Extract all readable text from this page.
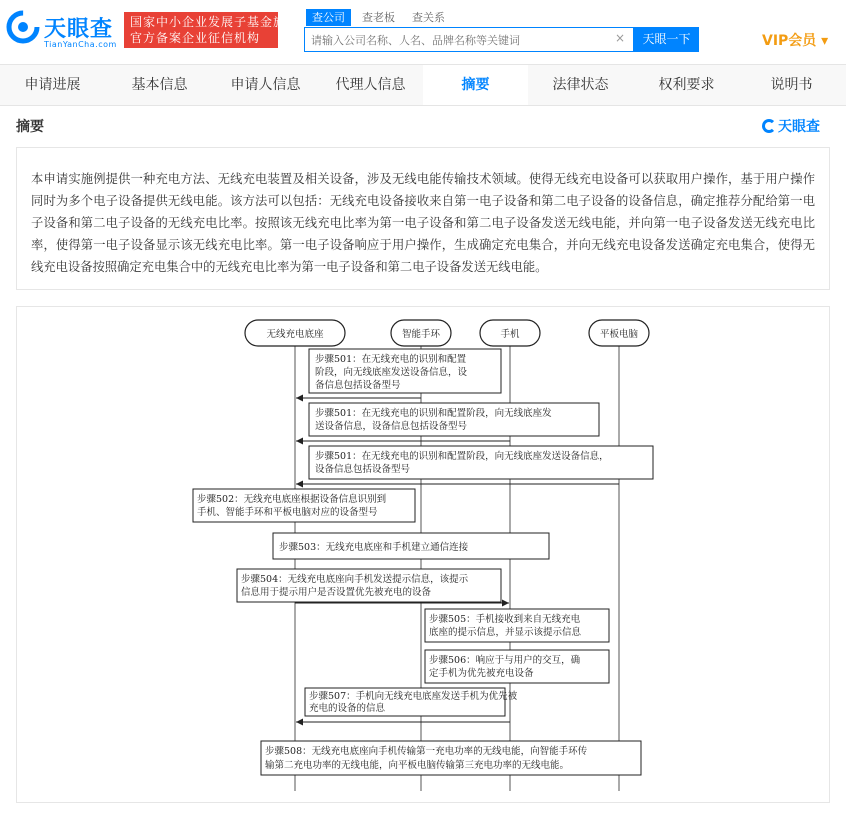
天眼查
TianYanCha.com
国家中小企业发展子基金旗下
官方备案企业征信机构
查公司	查老板 查关系
请输入公司名称、人名、品牌名称等关键词
×	天眼一下	VIP会员 ▾
申请进展	基本信息	申请人信息	代理人信息	摘要	法律状态	权利要求	说明书
摘要	天眼查

本申请实施例提供一种充电方法、无线充电装置及相关设备，涉及无线电能传输技术领域。使得无线充电设备可以获取用户操作，基于用户操作同时为多个电子设备提供无线电能。该方法可以包括：无线充电设备接收来自第一电子设备和第二电子设备的设备信息，确定推荐分配给第一电子设备和第二电子设备的无线充电比率。按照该无线充电比率为第一电子设备和第二电子设备发送无线电能，并向第一电子设备发送无线充电比率，使得第一电子设备显示该无线充电比率。第一电子设备响应于用户操作，生成确定充电集合，并向无线充电设备发送确定充电集合，使得无线充电设备按照确定充电集合中的无线充电比率为第一电子设备和第二电子设备发送无线电能。

无线充电底座	智能手环	手机	平板电脑
步骤501：在无线充电的识别和配置
阶段，向无线底座发送设备信息，设
备信息包括设备型号
步骤501：在无线充电的识别和配置阶段，向无线底座发
送设备信息，设备信息包括设备型号
步骤501：在无线充电的识别和配置阶段，向无线底座发送设备信息，
设备信息包括设备型号
步骤502：无线充电底座根据设备信息识别到
手机、智能手环和平板电脑对应的设备型号
步骤503：无线充电底座和手机建立通信连接
步骤504：无线充电底座向手机发送提示信息，该提示
信息用于提示用户是否设置优先被充电的设备
步骤505：手机接收到来自无线充电
底座的提示信息，并显示该提示信息
步骤506：响应于与用户的交互，确
定手机为优先被充电设备
步骤507：手机向无线充电底座发送手机为优先被
充电的设备的信息
步骤508：无线充电底座向手机传输第一充电功率的无线电能，向智能手环传
输第二充电功率的无线电能，向平板电脑传输第三充电功率的无线电能。
